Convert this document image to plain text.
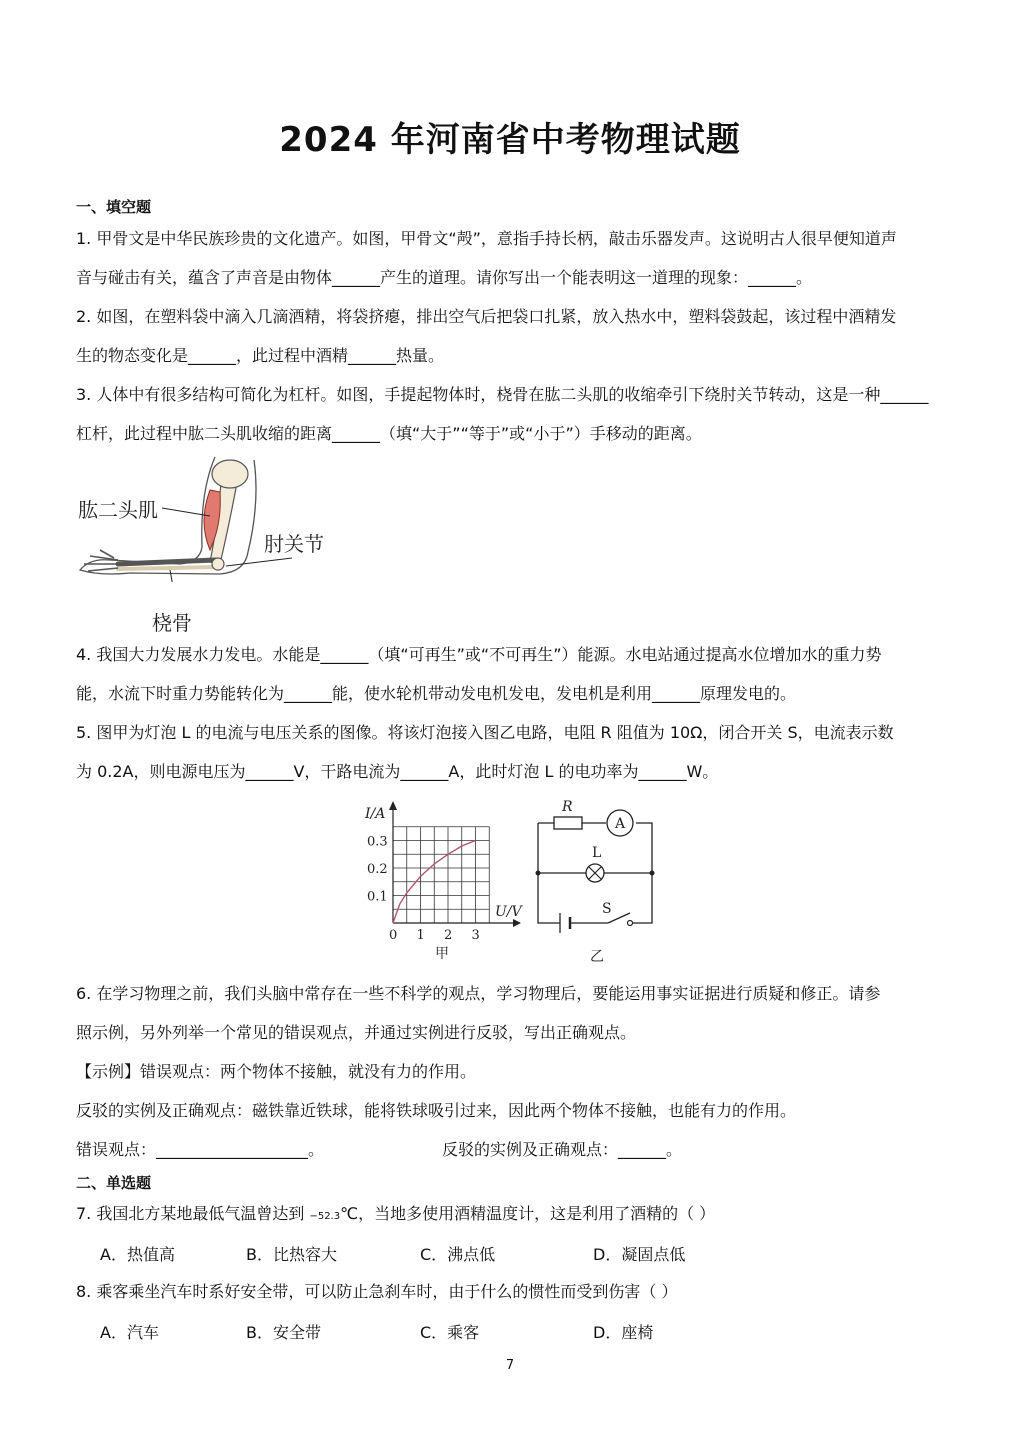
2024 年河南省中考物理试题
一、填空题
1. 甲骨文是中华民族珍贵的文化遗产。如图，甲骨文“殸”，意指手持长柄，敲击乐器发声。这说明古人很早便知道声
音与碰击有关，蕴含了声音是由物体______产生的道理。请你写出一个能表明这一道理的现象：______。
2. 如图，在塑料袋中滴入几滴酒精，将袋挤瘪，排出空气后把袋口扎紧，放入热水中，塑料袋鼓起，该过程中酒精发
生的物态变化是______，此过程中酒精______热量。
3. 人体中有很多结构可简化为杠杆。如图，手提起物体时，桡骨在肱二头肌的收缩牵引下绕肘关节转动，这是一种______
杠杆，此过程中肱二头肌收缩的距离______（填“大于”“等于”或“小于”）手移动的距离。
肱二头肌
肘关节
桡骨
4. 我国大力发展水力发电。水能是______（填“可再生”或“不可再生”）能源。水电站通过提高水位增加水的重力势
能，水流下时重力势能转化为______能，使水轮机带动发电机发电，发电机是利用______原理发电的。
5. 图甲为灯泡 L 的电流与电压关系的图像。将该灯泡接入图乙电路，电阻 R 阻值为 10Ω，闭合开关 S，电流表示数
为 0.2A，则电源电压为______V，干路电流为______A，此时灯泡 L 的电功率为______W。
0 1 2 3
0.1
0.2
0.3
I/A
U/V
甲
A
R
L
S
乙
6. 在学习物理之前，我们头脑中常存在一些不科学的观点，学习物理后，要能运用事实证据进行质疑和修正。请参
照示例，另外列举一个常见的错误观点，并通过实例进行反驳，写出正确观点。
【示例】错误观点：两个物体不接触，就没有力的作用。
反驳的实例及正确观点：磁铁靠近铁球，能将铁球吸引过来，因此两个物体不接触，也能有力的作用。
错误观点：___________________。	反驳的实例及正确观点：______。
二、单选题
7. 我国北方某地最低气温曾达到 −52.3℃，当地多使用酒精温度计，这是利用了酒精的（ ）
A．热值高	B．比热容大	C．沸点低	D．凝固点低
8. 乘客乘坐汽车时系好安全带，可以防止急刹车时，由于什么的惯性而受到伤害（ ）
A．汽车	B．安全带	C．乘客	D．座椅
7
